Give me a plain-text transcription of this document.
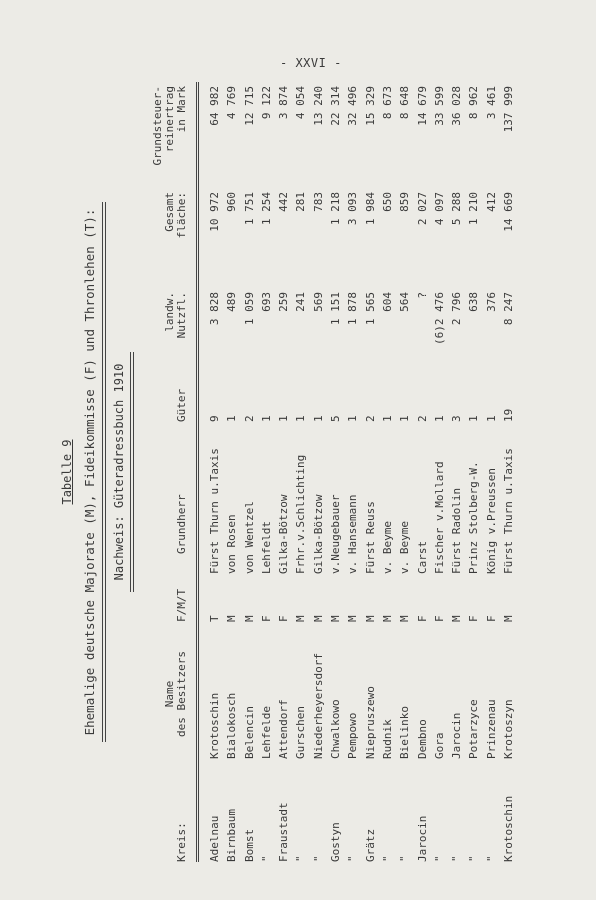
- XXVI -
Tabelle 9 Ehemalige deutsche Majorate (M), Fideikommisse (F) und Thronlehen (T): Nachweis: Güteradressbuch 1910
Kreis:
Name des Besitzers
F/M/T
Grundherr
Güter
landw. Nutzfl.
Gesamt fläche:
Grundsteuer- reinertrag in Mark
Adelnau
Krotoschin
T
Fürst Thurn u.Taxis
9
3 828
10 972
64 982
Birnbaum
Bialokosch
M
von Rosen
1
489
960
4 769
Bomst
Belencin
M
von Wentzel
2
1 059
1 751
12 715
"
Lehfelde
F
Lehfeldt
1
693
1 254
9 122
Fraustadt
Attendorf
F
Gilka-Bötzow
1
259
442
3 874
"
Gurschen
M
Frhr.v.Schlichting
1
241
281
4 054
"
Niederheyersdorf
M
Gilka-Bötzow
1
569
783
13 240
Gostyn
Chwalkowo
M
v.Neugebauer
5
1 151
1 218
22 314
"
Pempowo
M
v. Hansemann
1
1 878
3 093
32 496
Grätz
Niepruszewo
M
Fürst Reuss
2
1 565
1 984
15 329
"
Rudnik
M
v. Beyme
1
604
650
8 673
"
Bielinko
M
v. Beyme
1
564
859
8 648
Jarocin
Dembno
F
Carst
2
?
2 027
14 679
"
Gora
F
Fischer v.Mollard
1
(6)2 476
4 097
33 599
"
Jarocin
M
Fürst Radolin
3
2 796
5 288
36 028
"
Potarzyce
F
Prinz Stolberg-W.
1
638
1 210
8 962
"
Prinzenau
F
König v.Preussen
1
376
412
3 461
Krotoschin
Krotoszyn
M
Fürst Thurn u.Taxis
19
8 247
14 669
137 999
